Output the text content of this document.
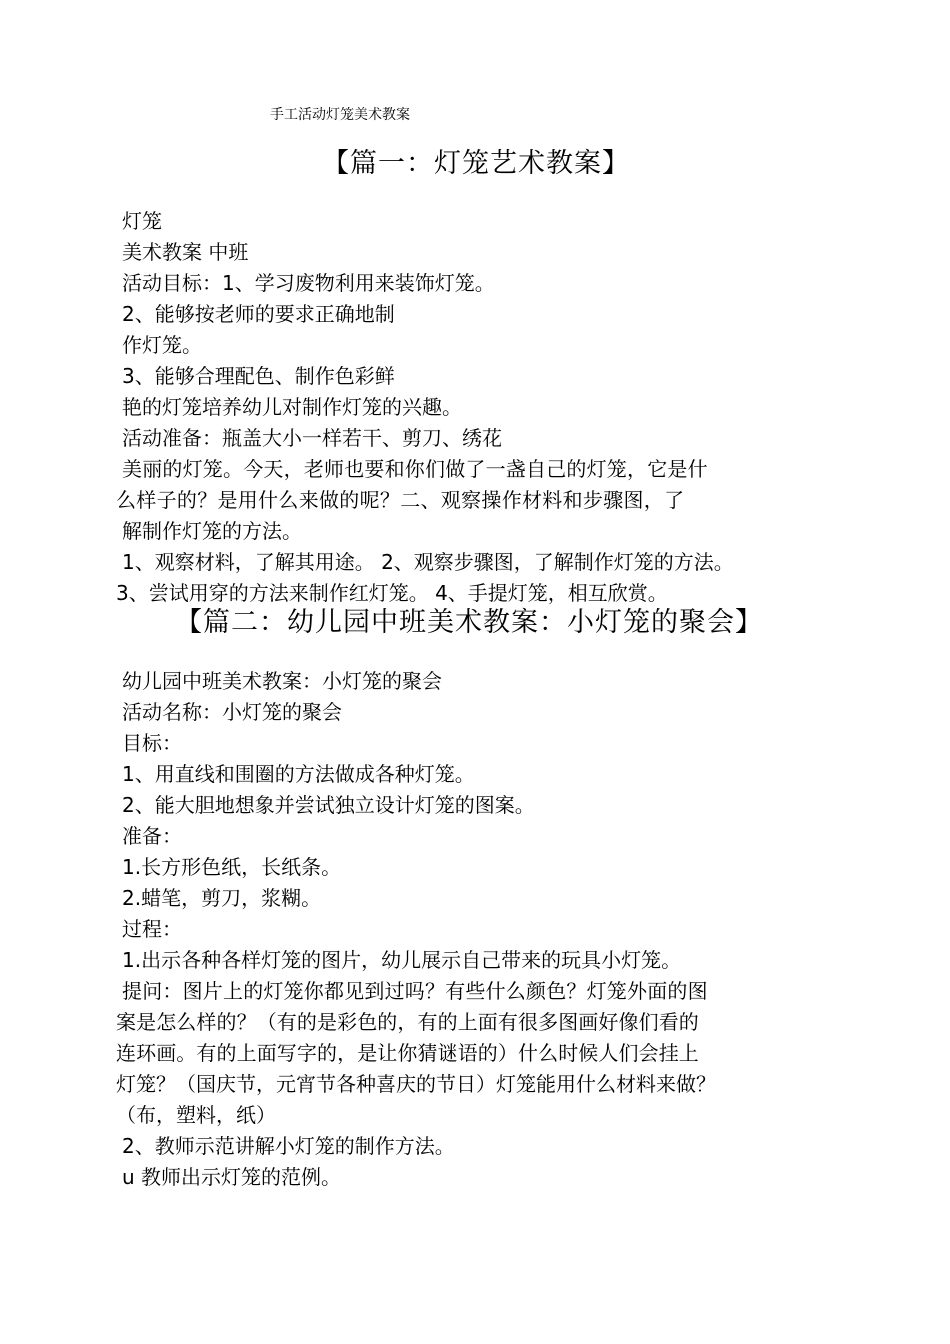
手工活动灯笼美术教案
【篇一：灯笼艺术教案】
灯笼
美术教案 中班
活动目标：1、学习废物利用来装饰灯笼。
2、能够按老师的要求正确地制
作灯笼。
3、能够合理配色、制作色彩鲜
艳的灯笼培养幼儿对制作灯笼的兴趣。
活动准备：瓶盖大小一样若干、剪刀、绣花
美丽的灯笼。今天，老师也要和你们做了一盏自己的灯笼，它是什
么样子的？是用什么来做的呢？二、观察操作材料和步骤图，了
解制作灯笼的方法。
1、观察材料，了解其用途。 2、观察步骤图，了解制作灯笼的方法。
3、尝试用穿的方法来制作红灯笼。 4、手提灯笼，相互欣赏。
【篇二：幼儿园中班美术教案：小灯笼的聚会】
幼儿园中班美术教案：小灯笼的聚会
活动名称：小灯笼的聚会
目标：
1、用直线和围圈的方法做成各种灯笼。
2、能大胆地想象并尝试独立设计灯笼的图案。
准备：
1.长方形色纸，长纸条。
2.蜡笔，剪刀，浆糊。
过程：
1.出示各种各样灯笼的图片，幼儿展示自己带来的玩具小灯笼。
提问：图片上的灯笼你都见到过吗？有些什么颜色？灯笼外面的图
案是怎么样的？（有的是彩色的，有的上面有很多图画好像们看的
连环画。有的上面写字的，是让你猜谜语的）什么时候人们会挂上
灯笼？（国庆节，元宵节各种喜庆的节日）灯笼能用什么材料来做？
（布，塑料，纸）
2、教师示范讲解小灯笼的制作方法。
u 教师出示灯笼的范例。
